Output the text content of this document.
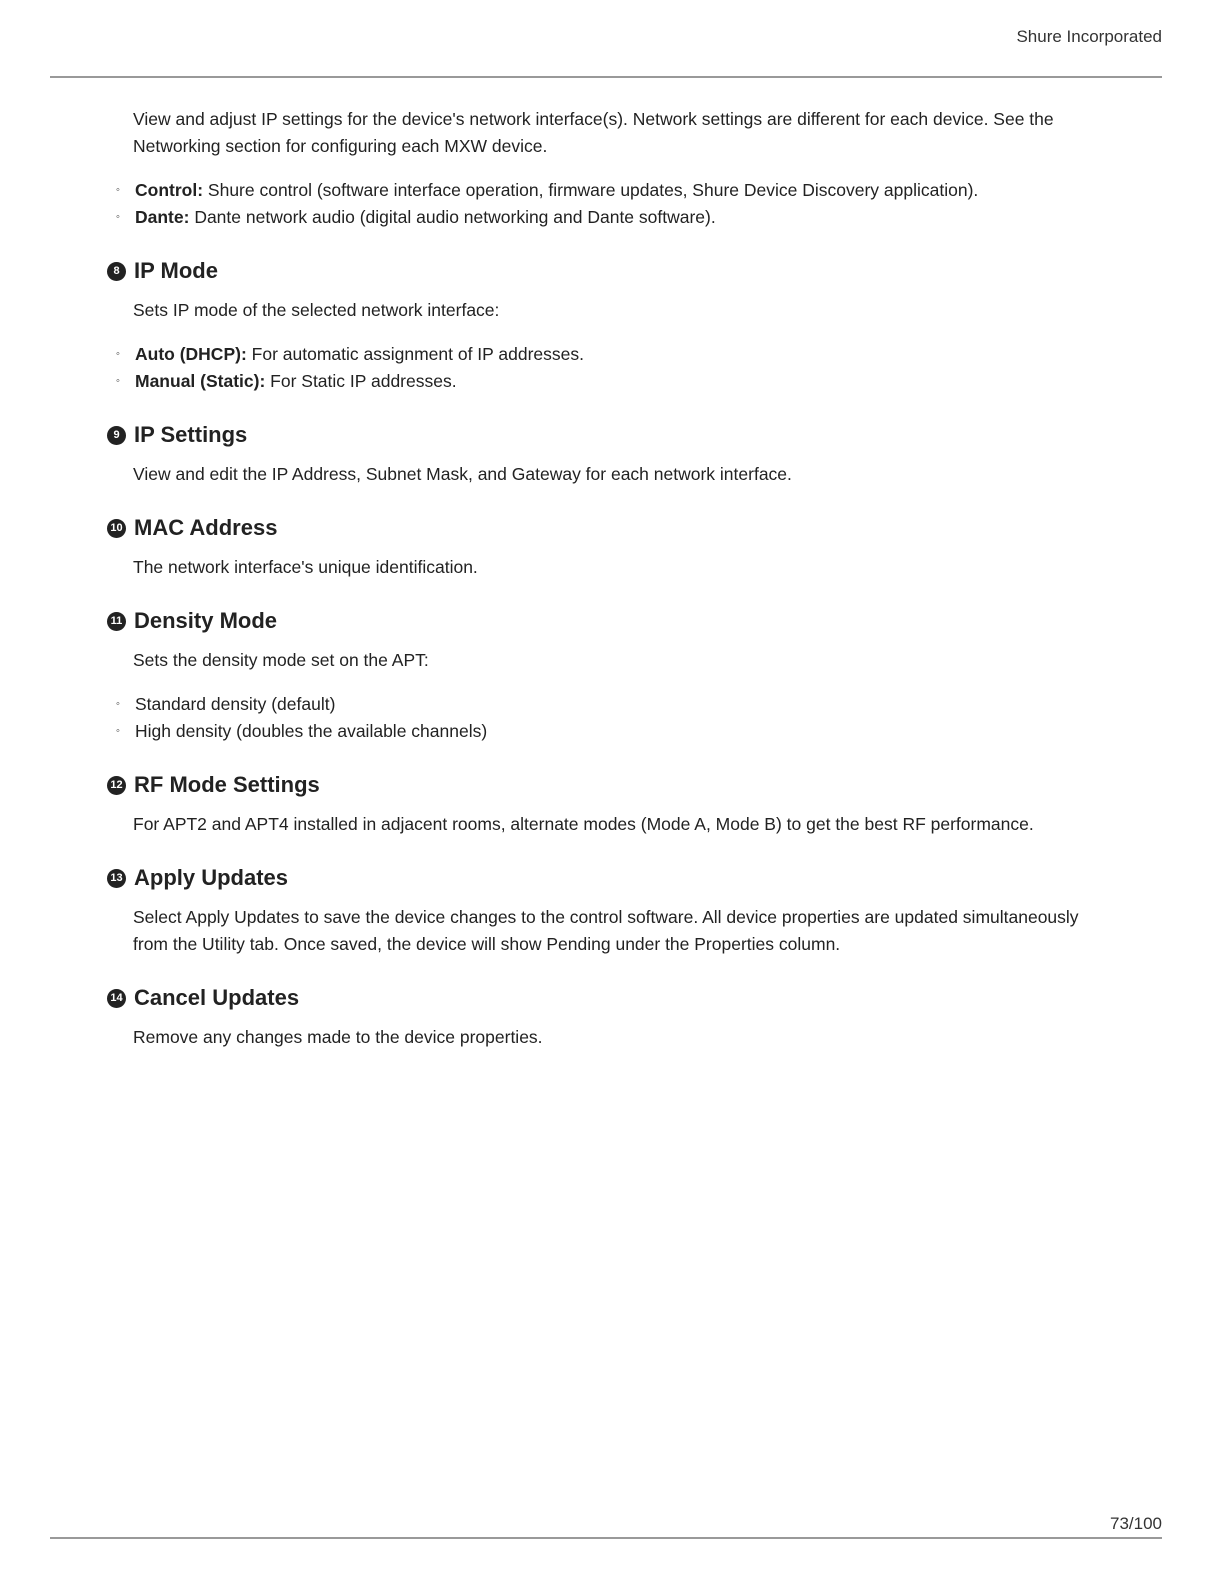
Shure Incorporated

View and adjust IP settings for the device's network interface(s). Network settings are different for each device. See the Networking section for configuring each MXW device.

◦ Control: Shure control (software interface operation, firmware updates, Shure Device Discovery application).
◦ Dante: Dante network audio (digital audio networking and Dante software).
8 IP Mode

Sets IP mode of the selected network interface:

◦ Auto (DHCP): For automatic assignment of IP addresses.
◦ Manual (Static): For Static IP addresses.
9 IP Settings

View and edit the IP Address, Subnet Mask, and Gateway for each network interface.

10 MAC Address

The network interface's unique identification.

11 Density Mode

Sets the density mode set on the APT:

◦ Standard density (default)
◦ High density (doubles the available channels)
12 RF Mode Settings

For APT2 and APT4 installed in adjacent rooms, alternate modes (Mode A, Mode B) to get the best RF performance.

13 Apply Updates

Select Apply Updates to save the device changes to the control software. All device properties are updated simultaneously from the Utility tab. Once saved, the device will show Pending under the Properties column.

14 Cancel Updates

Remove any changes made to the device properties.

73/100
